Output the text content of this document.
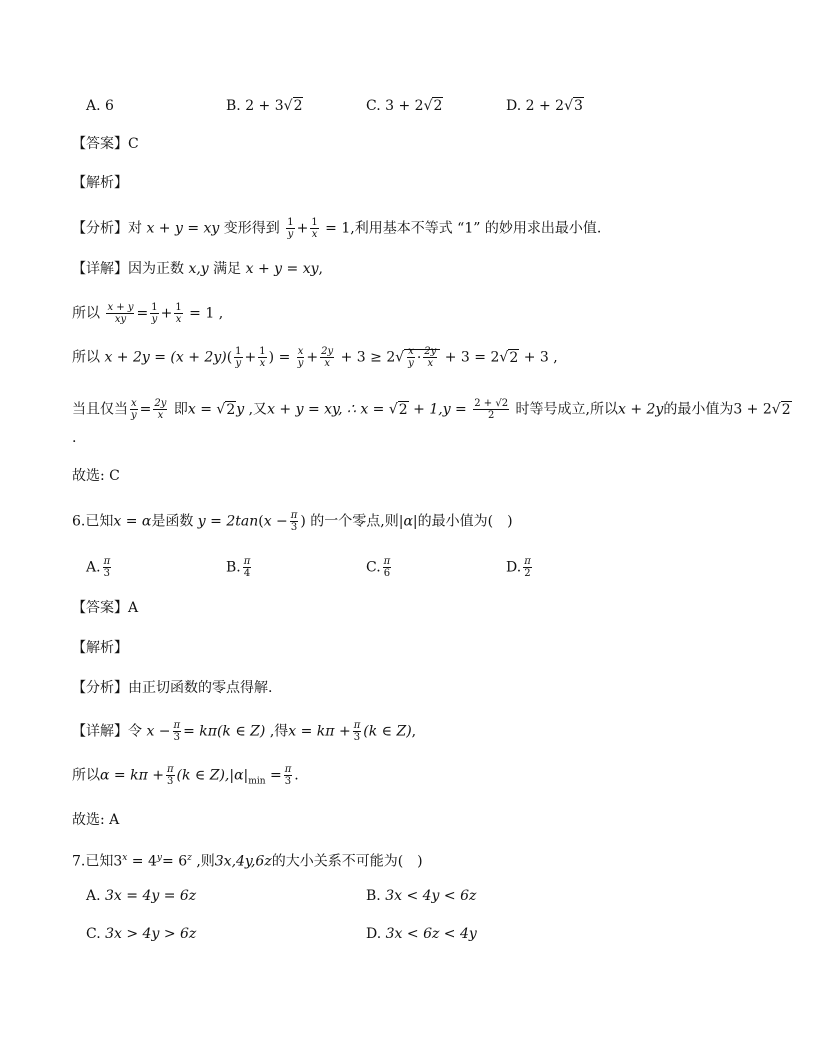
A. 6	B. 2 + 3√2	C. 3 + 2√2	D. 2 + 2√3
【答案】C
【解析】
【分析】对 x + y = xy 变形得到 $\frac{1}{y} + \frac{1}{x} = 1$,利用基本不等式 “1” 的妙用求出最小值.
【详解】因为正数 x,y 满足 x + y = xy,
所以 $\frac{x + y}{xy} = \frac{1}{y} + \frac{1}{x} = 1$ ,
所以 $x + 2y = (x + 2y)( \frac{1}{y} + \frac{1}{x}$ ) = $\frac{x}{y} + \frac{2y}{x} + 3 \ge 2√ \frac{x}{y} \cdot \frac{2y}{x} + 3 = 2√2 + 3$ ,
当且仅当 $\frac{x}{y} = \frac{2y}{x}$ 即x = √2y ,又x + y = xy, ∴ $x = √2 + 1,y = \frac{2 + √2}{2}$ 时等号成立,所以x + 2y的最小值为3 + 2√2
.
故选: C
6.已知x = α是函数 $y = 2\tan(x - \frac{\pi}{3}$ ) 的一个零点,则|α|的最小值为(　)
A. $\frac{\pi}{3}$	B. $\frac{\pi}{4}$	C. $\frac{\pi}{6}$	D. $\frac{\pi}{2}$
【答案】A
【解析】
【分析】由正切函数的零点得解.
【详解】令 $x - \frac{\pi}{3} = k\pi(k$ ∈ Z) ,得$x = k\pi + \frac{\pi}{3} (k$ ∈ Z),
所以$\alpha = k\pi + \frac{\pi}{3} (k$ ∈ $Z),|\alpha|_{min} = \frac{\pi}{3}$ .
故选: A
7.已知$3^x = 4^y= 6^z$ ,则3x,4y,6z的大小关系不可能为(　)
A. 3x = 4y = 6z	B. 3x < 4y < 6z
C. 3x > 4y > 6z	D. 3x < 6z < 4y
